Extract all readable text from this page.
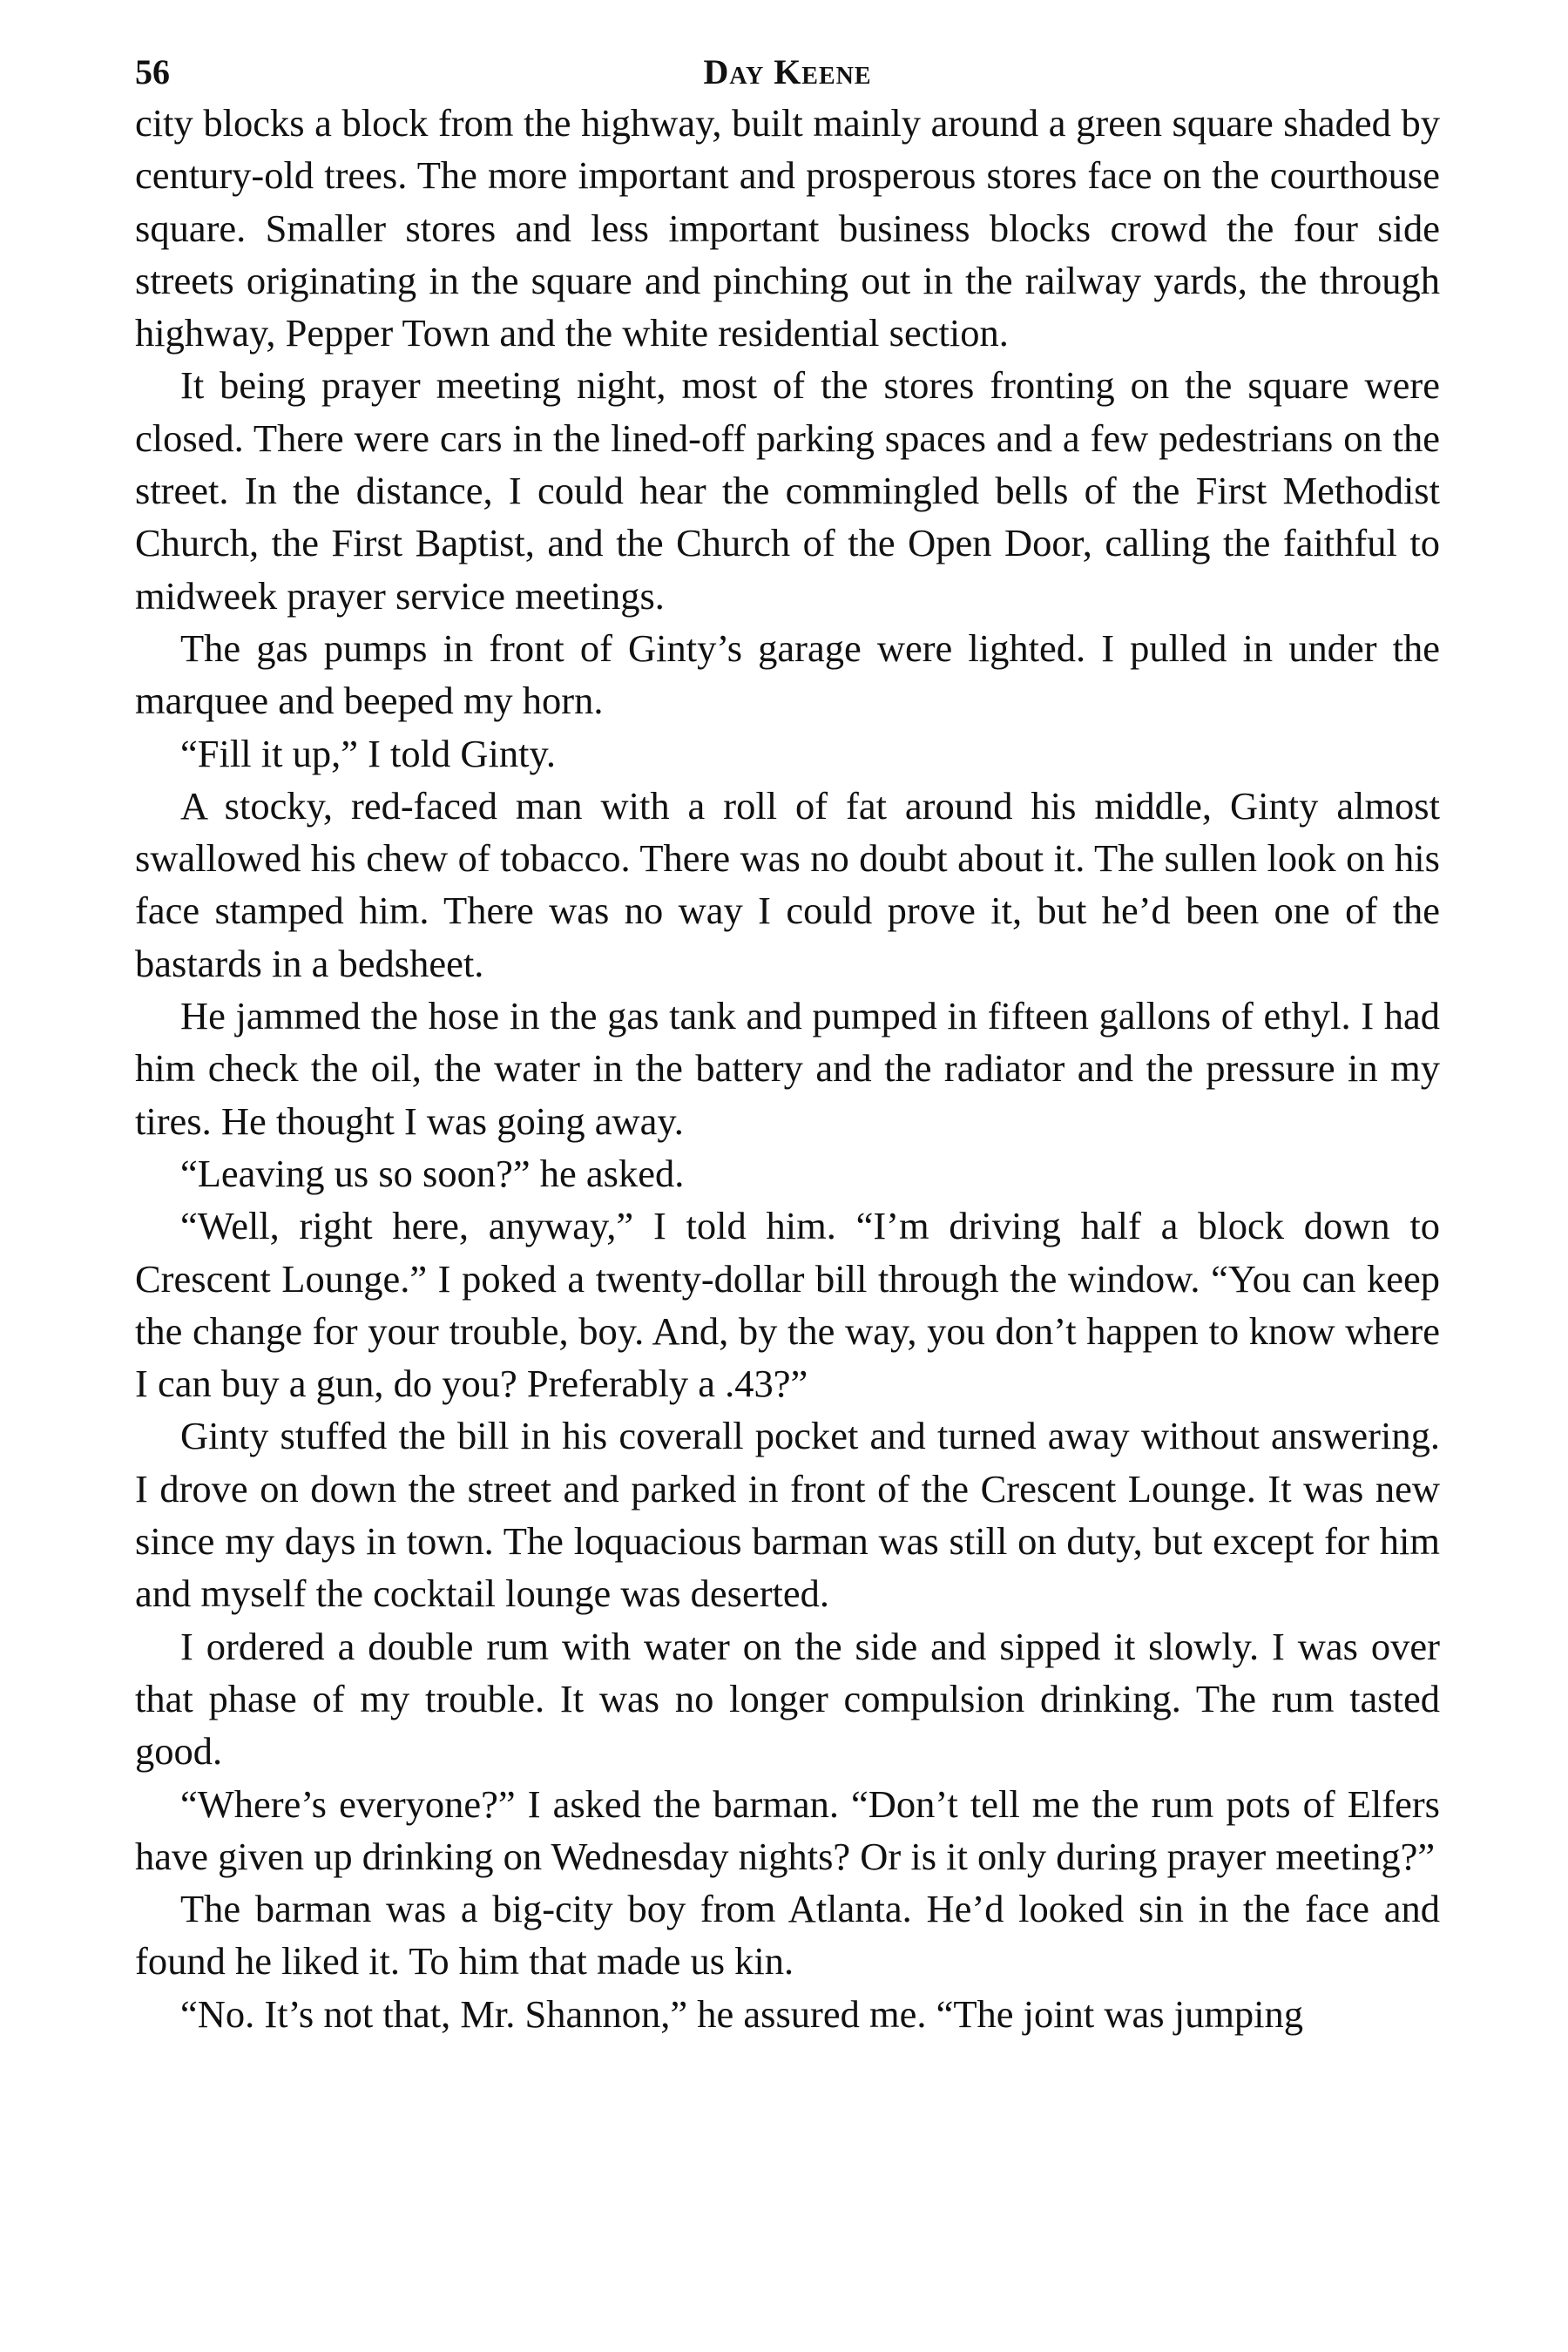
56	Day Keene

city blocks a block from the highway, built mainly around a green square shaded by century-old trees. The more important and prosperous stores face on the courthouse square. Smaller stores and less important business blocks crowd the four side streets originating in the square and pinching out in the railway yards, the through highway, Pepper Town and the white residential section.

It being prayer meeting night, most of the stores fronting on the square were closed. There were cars in the lined-off parking spaces and a few pedestrians on the street. In the distance, I could hear the commingled bells of the First Methodist Church, the First Baptist, and the Church of the Open Door, calling the faithful to midweek prayer service meetings.

The gas pumps in front of Ginty’s garage were lighted. I pulled in under the marquee and beeped my horn.

“Fill it up,” I told Ginty.

A stocky, red-faced man with a roll of fat around his middle, Ginty almost swallowed his chew of tobacco. There was no doubt about it. The sullen look on his face stamped him. There was no way I could prove it, but he’d been one of the bastards in a bedsheet.

He jammed the hose in the gas tank and pumped in fifteen gallons of ethyl. I had him check the oil, the water in the battery and the radiator and the pressure in my tires. He thought I was going away.

“Leaving us so soon?” he asked.

“Well, right here, anyway,” I told him. “I’m driving half a block down to Crescent Lounge.” I poked a twenty-dollar bill through the window. “You can keep the change for your trouble, boy. And, by the way, you don’t happen to know where I can buy a gun, do you? Preferably a .43?”

Ginty stuffed the bill in his coverall pocket and turned away without answering. I drove on down the street and parked in front of the Crescent Lounge. It was new since my days in town. The loquacious barman was still on duty, but except for him and myself the cocktail lounge was deserted.

I ordered a double rum with water on the side and sipped it slowly. I was over that phase of my trouble. It was no longer compulsion drinking. The rum tasted good.

“Where’s everyone?” I asked the barman. “Don’t tell me the rum pots of Elfers have given up drinking on Wednesday nights? Or is it only during prayer meeting?”

The barman was a big-city boy from Atlanta. He’d looked sin in the face and found he liked it. To him that made us kin.

“No. It’s not that, Mr. Shannon,” he assured me. “The joint was jumping
